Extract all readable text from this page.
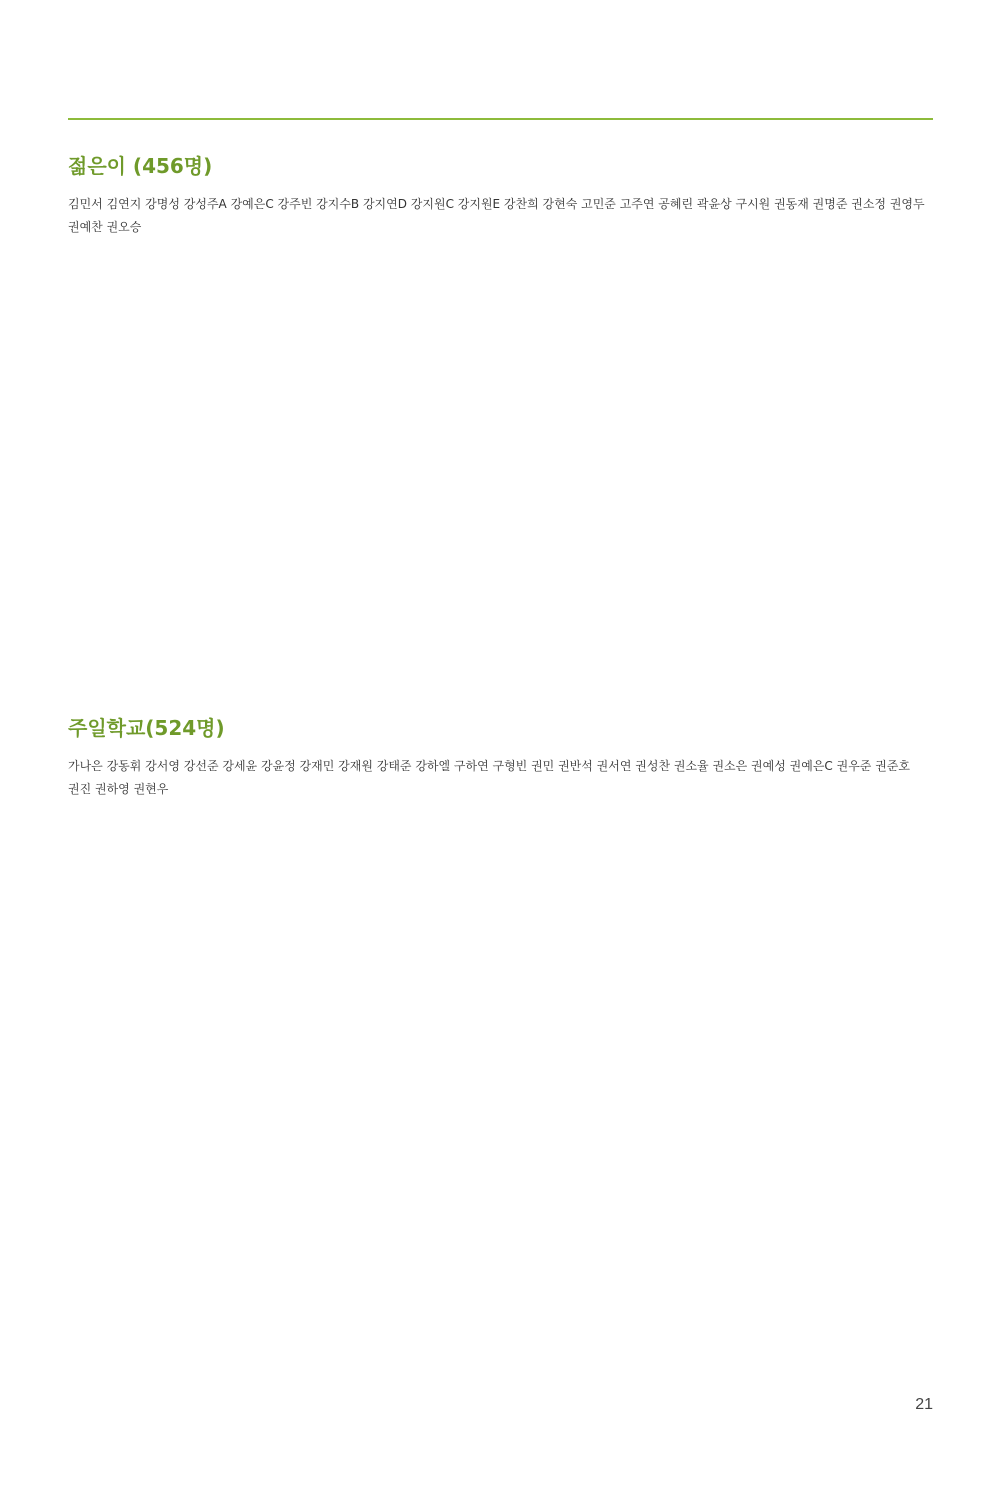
젊은이 (456명)

김민서 김연지 강명성 강성주A 강예은C 강주빈 강지수B 강지연D 강지원C 강지원E 강찬희 강현숙 고민준 고주연 공혜린 곽윤상 구시원 권동재 권명준 권소정 권영두 권예찬 권오승

주일학교(524명)

가나은 강동휘 강서영 강선준 강세윤 강윤정 강재민 강재원 강태준 강하엘 구하연 구형빈 권민 권반석 권서연 권성찬 권소율 권소은 권예성 권예은C 권우준 권준호 권진 권하영 권현우

21
